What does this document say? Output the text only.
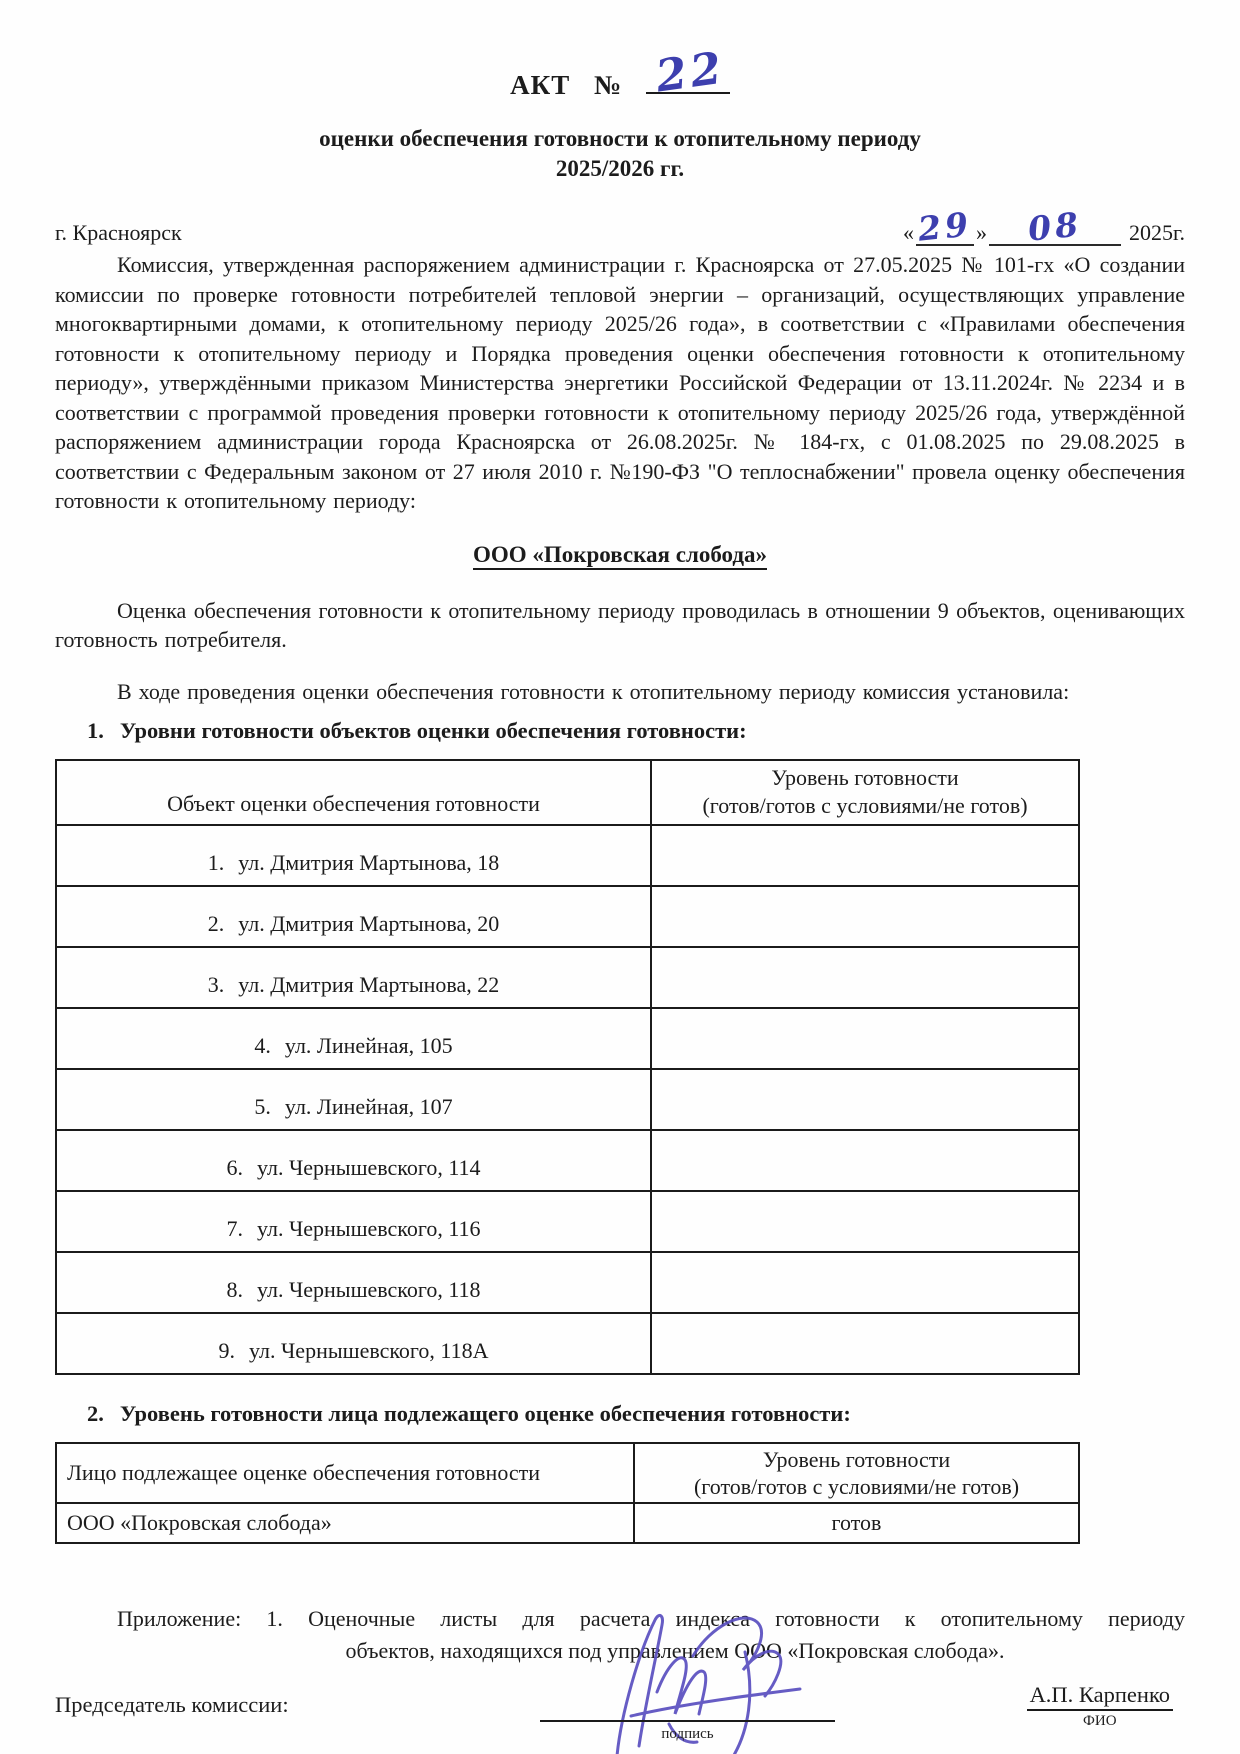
АКТ № 22
оценки обеспечения готовности к отопительному периоду
2025/2026 гг.
г. Красноярск	« 29 »	08	2025г.

Комиссия, утвержденная распоряжением администрации г. Красноярска от 27.05.2025 № 101-гх «О создании комиссии по проверке готовности потребителей тепловой энергии – организаций, осуществляющих управление многоквартирными домами, к отопительному периоду 2025/26 года», в соответствии с «Правилами обеспечения готовности к отопительному периоду и Порядка проведения оценки обеспечения готовности к отопительному периоду», утверждёнными приказом Министерства энергетики Российской Федерации от 13.11.2024г. № 2234 и в соответствии с программой проведения проверки готовности к отопительному периоду 2025/26 года, утверждённой распоряжением администрации города Красноярска от 26.08.2025г. № 184-гх, с 01.08.2025 по 29.08.2025 в соответствии с Федеральным законом от 27 июля 2010 г. №190-ФЗ "О теплоснабжении" провела оценку обеспечения готовности к отопительному периоду:

ООО «Покровская слобода»

Оценка обеспечения готовности к отопительному периоду проводилась в отношении 9 объектов, оценивающих готовность потребителя.

В ходе проведения оценки обеспечения готовности к отопительному периоду комиссия установила:

1. Уровни готовности объектов оценки обеспечения готовности:
Объект оценки обеспечения готовности	Уровень готовности
(готов/готов с условиями/не готов)

1. ул. Дмитрия Мартынова, 18	
2. ул. Дмитрия Мартынова, 20	
3. ул. Дмитрия Мартынова, 22	
4. ул. Линейная, 105	
5. ул. Линейная, 107	
6. ул. Чернышевского, 114	
7. ул. Чернышевского, 116	
8. ул. Чернышевского, 118	
9. ул. Чернышевского, 118А	
2. Уровень готовности лица подлежащего оценке обеспечения готовности:
Лицо подлежащее оценке обеспечения готовности	Уровень готовности
(готов/готов с условиями/не готов)

ООО «Покровская слобода»	готов
Приложение: 1. Оценочные листы для расчета индекса готовности к отопительному периоду
объектов, находящихся под управлением ООО «Покровская слобода».
Председатель комиссии:
подпись
А.П. Карпенко
ФИО
